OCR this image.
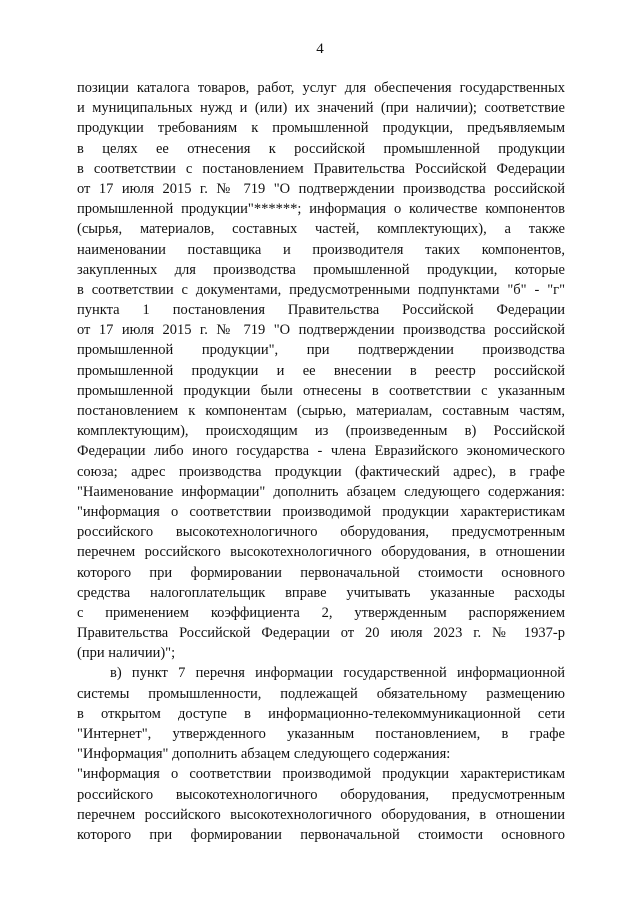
4
позиции каталога товаров, работ, услуг для обеспечения государственных
и муниципальных нужд и (или) их значений (при наличии); соответствие
продукции требованиям к промышленной продукции, предъявляемым
в целях ее отнесения к российской промышленной продукции
в соответствии с постановлением Правительства Российской Федерации
от 17 июля 2015 г. № 719 "О подтверждении производства российской
промышленной продукции"******; информация о количестве компонентов
(сырья, материалов, составных частей, комплектующих), а также
наименовании поставщика и производителя таких компонентов,
закупленных для производства промышленной продукции, которые
в соответствии с документами, предусмотренными подпунктами "б" - "г"
пункта 1 постановления Правительства Российской Федерации
от 17 июля 2015 г. № 719 "О подтверждении производства российской
промышленной продукции", при подтверждении производства
промышленной продукции и ее внесении в реестр российской
промышленной продукции были отнесены в соответствии с указанным
постановлением к компонентам (сырью, материалам, составным частям,
комплектующим), происходящим из (произведенным в) Российской
Федерации либо иного государства - члена Евразийского экономического
союза; адрес производства продукции (фактический адрес), в графе
"Наименование информации" дополнить абзацем следующего содержания:
"информация о соответствии производимой продукции характеристикам
российского высокотехнологичного оборудования, предусмотренным
перечнем российского высокотехнологичного оборудования, в отношении
которого при формировании первоначальной стоимости основного
средства налогоплательщик вправе учитывать указанные расходы
с применением коэффициента 2, утвержденным распоряжением
Правительства Российской Федерации от 20 июля 2023 г. № 1937-р
(при наличии)";
в) пункт 7 перечня информации государственной информационной
системы промышленности, подлежащей обязательному размещению
в открытом доступе в информационно-телекоммуникационной сети
"Интернет", утвержденного указанным постановлением, в графе
"Информация" дополнить абзацем следующего содержания:
"информация о соответствии производимой продукции характеристикам
российского высокотехнологичного оборудования, предусмотренным
перечнем российского высокотехнологичного оборудования, в отношении
которого при формировании первоначальной стоимости основного
